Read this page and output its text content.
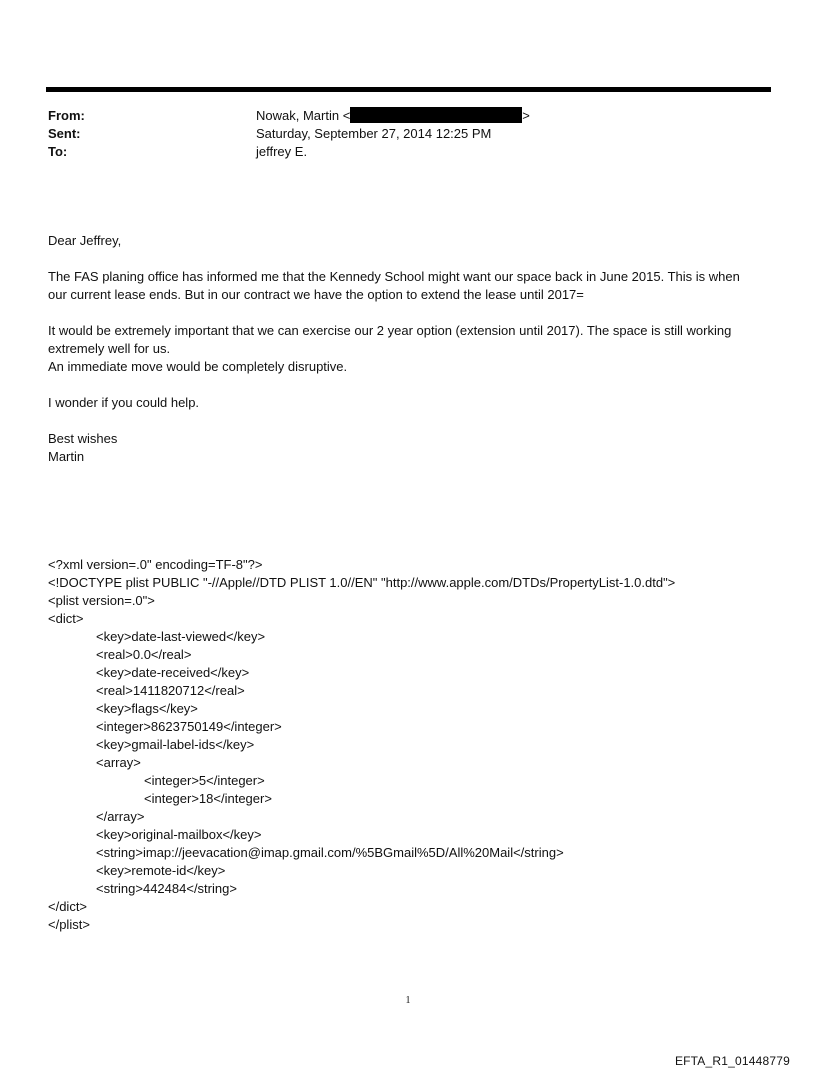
From:	Nowak, Martin <	>
Sent:	Saturday, September 27, 2014 12:25 PM
To:	jeffrey E.
Dear Jeffrey,
The FAS planing office has informed me that the Kennedy School might want our space back in June 2015. This is when
our current lease ends. But in our contract we have the option to extend the lease until 2017=
It would be extremely important that we can exercise our 2 year option (extension until 2017). The space is still working
extremely well for us.
An immediate move would be completely disruptive.
I wonder if you could help.
Best wishes
Martin
<?xml version=.0" encoding=TF-8"?>
<!DOCTYPE plist PUBLIC "-//Apple//DTD PLIST 1.0//EN" "http://www.apple.com/DTDs/PropertyList-1.0.dtd">
<plist version=.0">
<dict>
<key>date-last-viewed</key>
<real>0.0</real>
<key>date-received</key>
<real>1411820712</real>
<key>flags</key>
<integer>8623750149</integer>
<key>gmail-label-ids</key>
<array>
<integer>5</integer>
<integer>18</integer>
</array>
<key>original-mailbox</key>
<string>imap://jeevacation@imap.gmail.com/%5BGmail%5D/All%20Mail</string>
<key>remote-id</key>
<string>442484</string>
</dict>
</plist>
1
EFTA_R1_01448779
